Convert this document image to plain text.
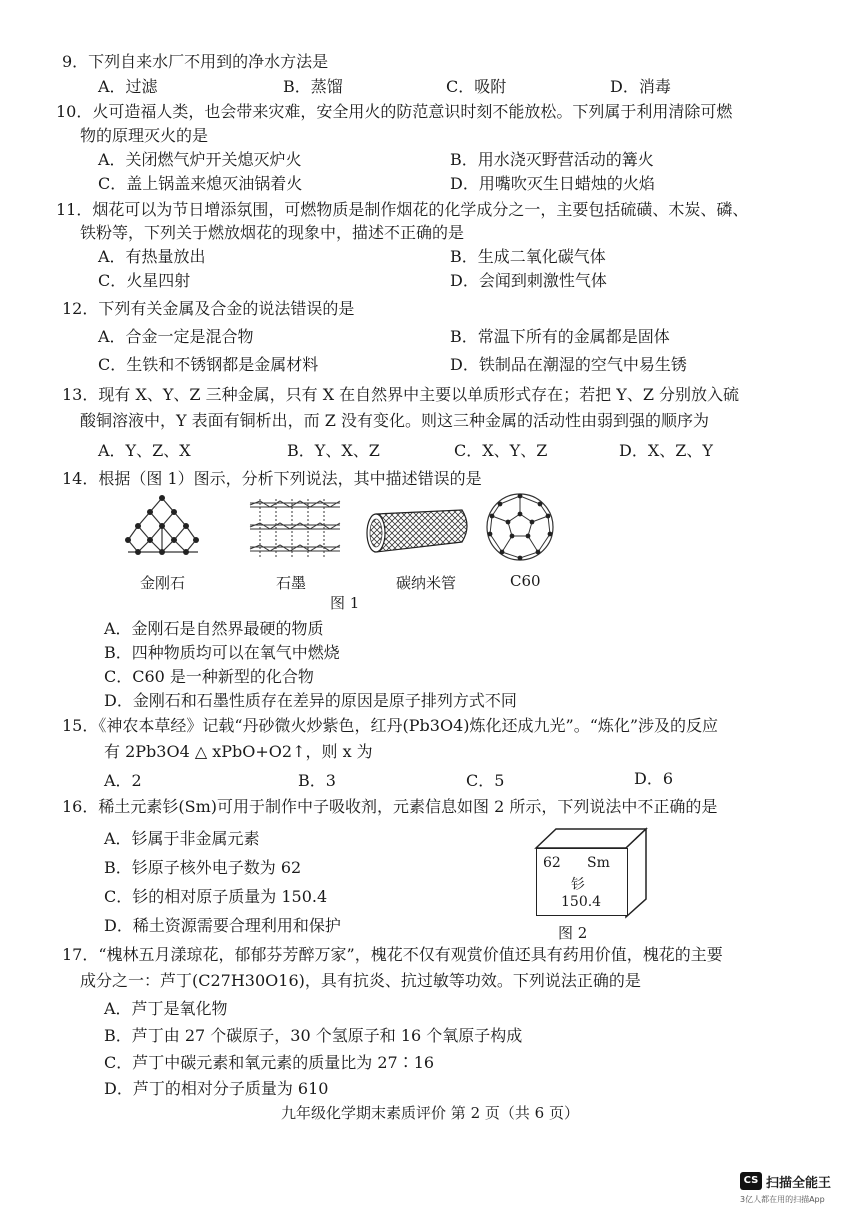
9．下列自来水厂不用到的净水方法是
A．过滤	B．蒸馏	C．吸附	D．消毒
10．火可造福人类，也会带来灾难，安全用火的防范意识时刻不能放松。下列属于利用清除可燃
物的原理灭火的是
A．关闭燃气炉开关熄灭炉火	B．用水浇灭野营活动的篝火
C．盖上锅盖来熄灭油锅着火	D．用嘴吹灭生日蜡烛的火焰
11．烟花可以为节日增添氛围，可燃物质是制作烟花的化学成分之一，主要包括硫磺、木炭、磷、
铁粉等，下列关于燃放烟花的现象中，描述不正确的是
A．有热量放出	B．生成二氧化碳气体
C．火星四射	D．会闻到刺激性气体
12．下列有关金属及合金的说法错误的是
A．合金一定是混合物	B．常温下所有的金属都是固体
C．生铁和不锈钢都是金属材料	D．铁制品在潮湿的空气中易生锈
13．现有 X、Y、Z 三种金属，只有 X 在自然界中主要以单质形式存在；若把 Y、Z 分别放入硫
酸铜溶液中，Y 表面有铜析出，而 Z 没有变化。则这三种金属的活动性由弱到强的顺序为
A．Y、Z、X	B．Y、X、Z	C．X、Y、Z	D．X、Z、Y
14．根据（图 1）图示，分析下列说法，其中描述错误的是
金刚石	石墨	碳纳米管	C60
图 1
A．金刚石是自然界最硬的物质
B．四种物质均可以在氧气中燃烧
C．C60 是一种新型的化合物
D．金刚石和石墨性质存在差异的原因是原子排列方式不同
15．《神农本草经》记载“丹砂微火炒紫色，红丹(Pb3O4)炼化还成九光”。“炼化”涉及的反应
有 2Pb3O4 △ xPbO+O2↑，则 x 为
A．2	B．3	C．5	D．6
16．稀土元素钐(Sm)可用于制作中子吸收剂，元素信息如图 2 所示，下列说法中不正确的是
A．钐属于非金属元素
B．钐原子核外电子数为 62
C．钐的相对原子质量为 150.4
D．稀土资源需要合理利用和保护
62 Sm
钐
150.4
图 2
17．“槐林五月漾琼花，郁郁芬芳醉万家”，槐花不仅有观赏价值还具有药用价值，槐花的主要
成分之一：芦丁(C27H30O16)，具有抗炎、抗过敏等功效。下列说法正确的是
A．芦丁是氧化物
B．芦丁由 27 个碳原子，30 个氢原子和 16 个氧原子构成
C．芦丁中碳元素和氧元素的质量比为 27∶16
D．芦丁的相对分子质量为 610
九年级化学期末素质评价 第 2 页（共 6 页）
CS 扫描全能王
3亿人都在用的扫描App
